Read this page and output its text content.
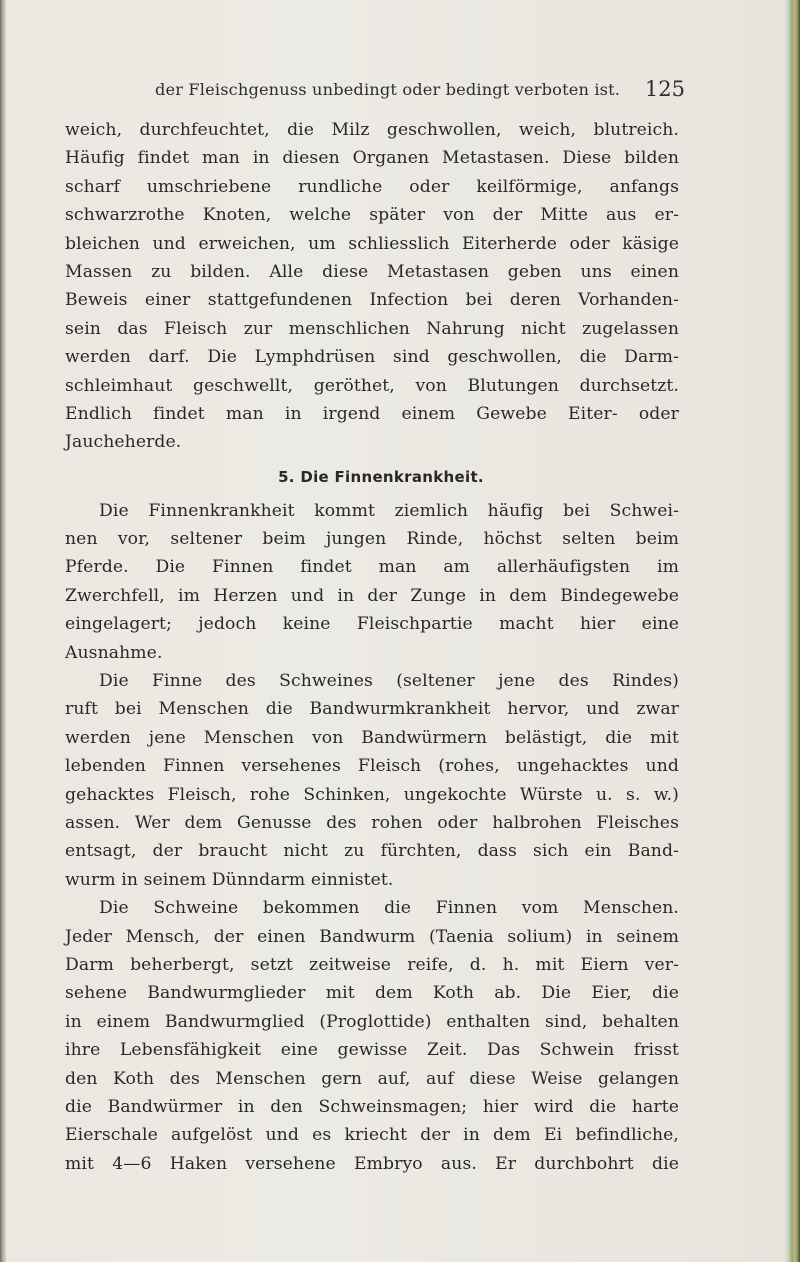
der Fleischgenuss unbedingt oder bedingt verboten ist. 125
weich, durchfeuchtet, die Milz geschwollen, weich, blutreich.
Häufig findet man in diesen Organen Metastasen. Diese bilden
scharf umschriebene rundliche oder keilförmige, anfangs
schwarzrothe Knoten, welche später von der Mitte aus er-
bleichen und erweichen, um schliesslich Eiterherde oder käsige
Massen zu bilden. Alle diese Metastasen geben uns einen
Beweis einer stattgefundenen Infection bei deren Vorhanden-
sein das Fleisch zur menschlichen Nahrung nicht zugelassen
werden darf. Die Lymphdrüsen sind geschwollen, die Darm-
schleimhaut geschwellt, geröthet, von Blutungen durchsetzt.
Endlich findet man in irgend einem Gewebe Eiter- oder
Jaucheherde.
5. Die Finnenkrankheit.
Die Finnenkrankheit kommt ziemlich häufig bei Schwei-
nen vor, seltener beim jungen Rinde, höchst selten beim
Pferde. Die Finnen findet man am allerhäufigsten im
Zwerchfell, im Herzen und in der Zunge in dem Bindegewebe
eingelagert; jedoch keine Fleischpartie macht hier eine
Ausnahme.
Die Finne des Schweines (seltener jene des Rindes)
ruft bei Menschen die Bandwurmkrankheit hervor, und zwar
werden jene Menschen von Bandwürmern belästigt, die mit
lebenden Finnen versehenes Fleisch (rohes, ungehacktes und
gehacktes Fleisch, rohe Schinken, ungekochte Würste u. s. w.)
assen. Wer dem Genusse des rohen oder halbrohen Fleisches
entsagt, der braucht nicht zu fürchten, dass sich ein Band-
wurm in seinem Dünndarm einnistet.
Die Schweine bekommen die Finnen vom Menschen.
Jeder Mensch, der einen Bandwurm (Taenia solium) in seinem
Darm beherbergt, setzt zeitweise reife, d. h. mit Eiern ver-
sehene Bandwurmglieder mit dem Koth ab. Die Eier, die
in einem Bandwurmglied (Proglottide) enthalten sind, behalten
ihre Lebensfähigkeit eine gewisse Zeit. Das Schwein frisst
den Koth des Menschen gern auf, auf diese Weise gelangen
die Bandwürmer in den Schweinsmagen; hier wird die harte
Eierschale aufgelöst und es kriecht der in dem Ei befindliche,
mit 4—6 Haken versehene Embryo aus. Er durchbohrt die
